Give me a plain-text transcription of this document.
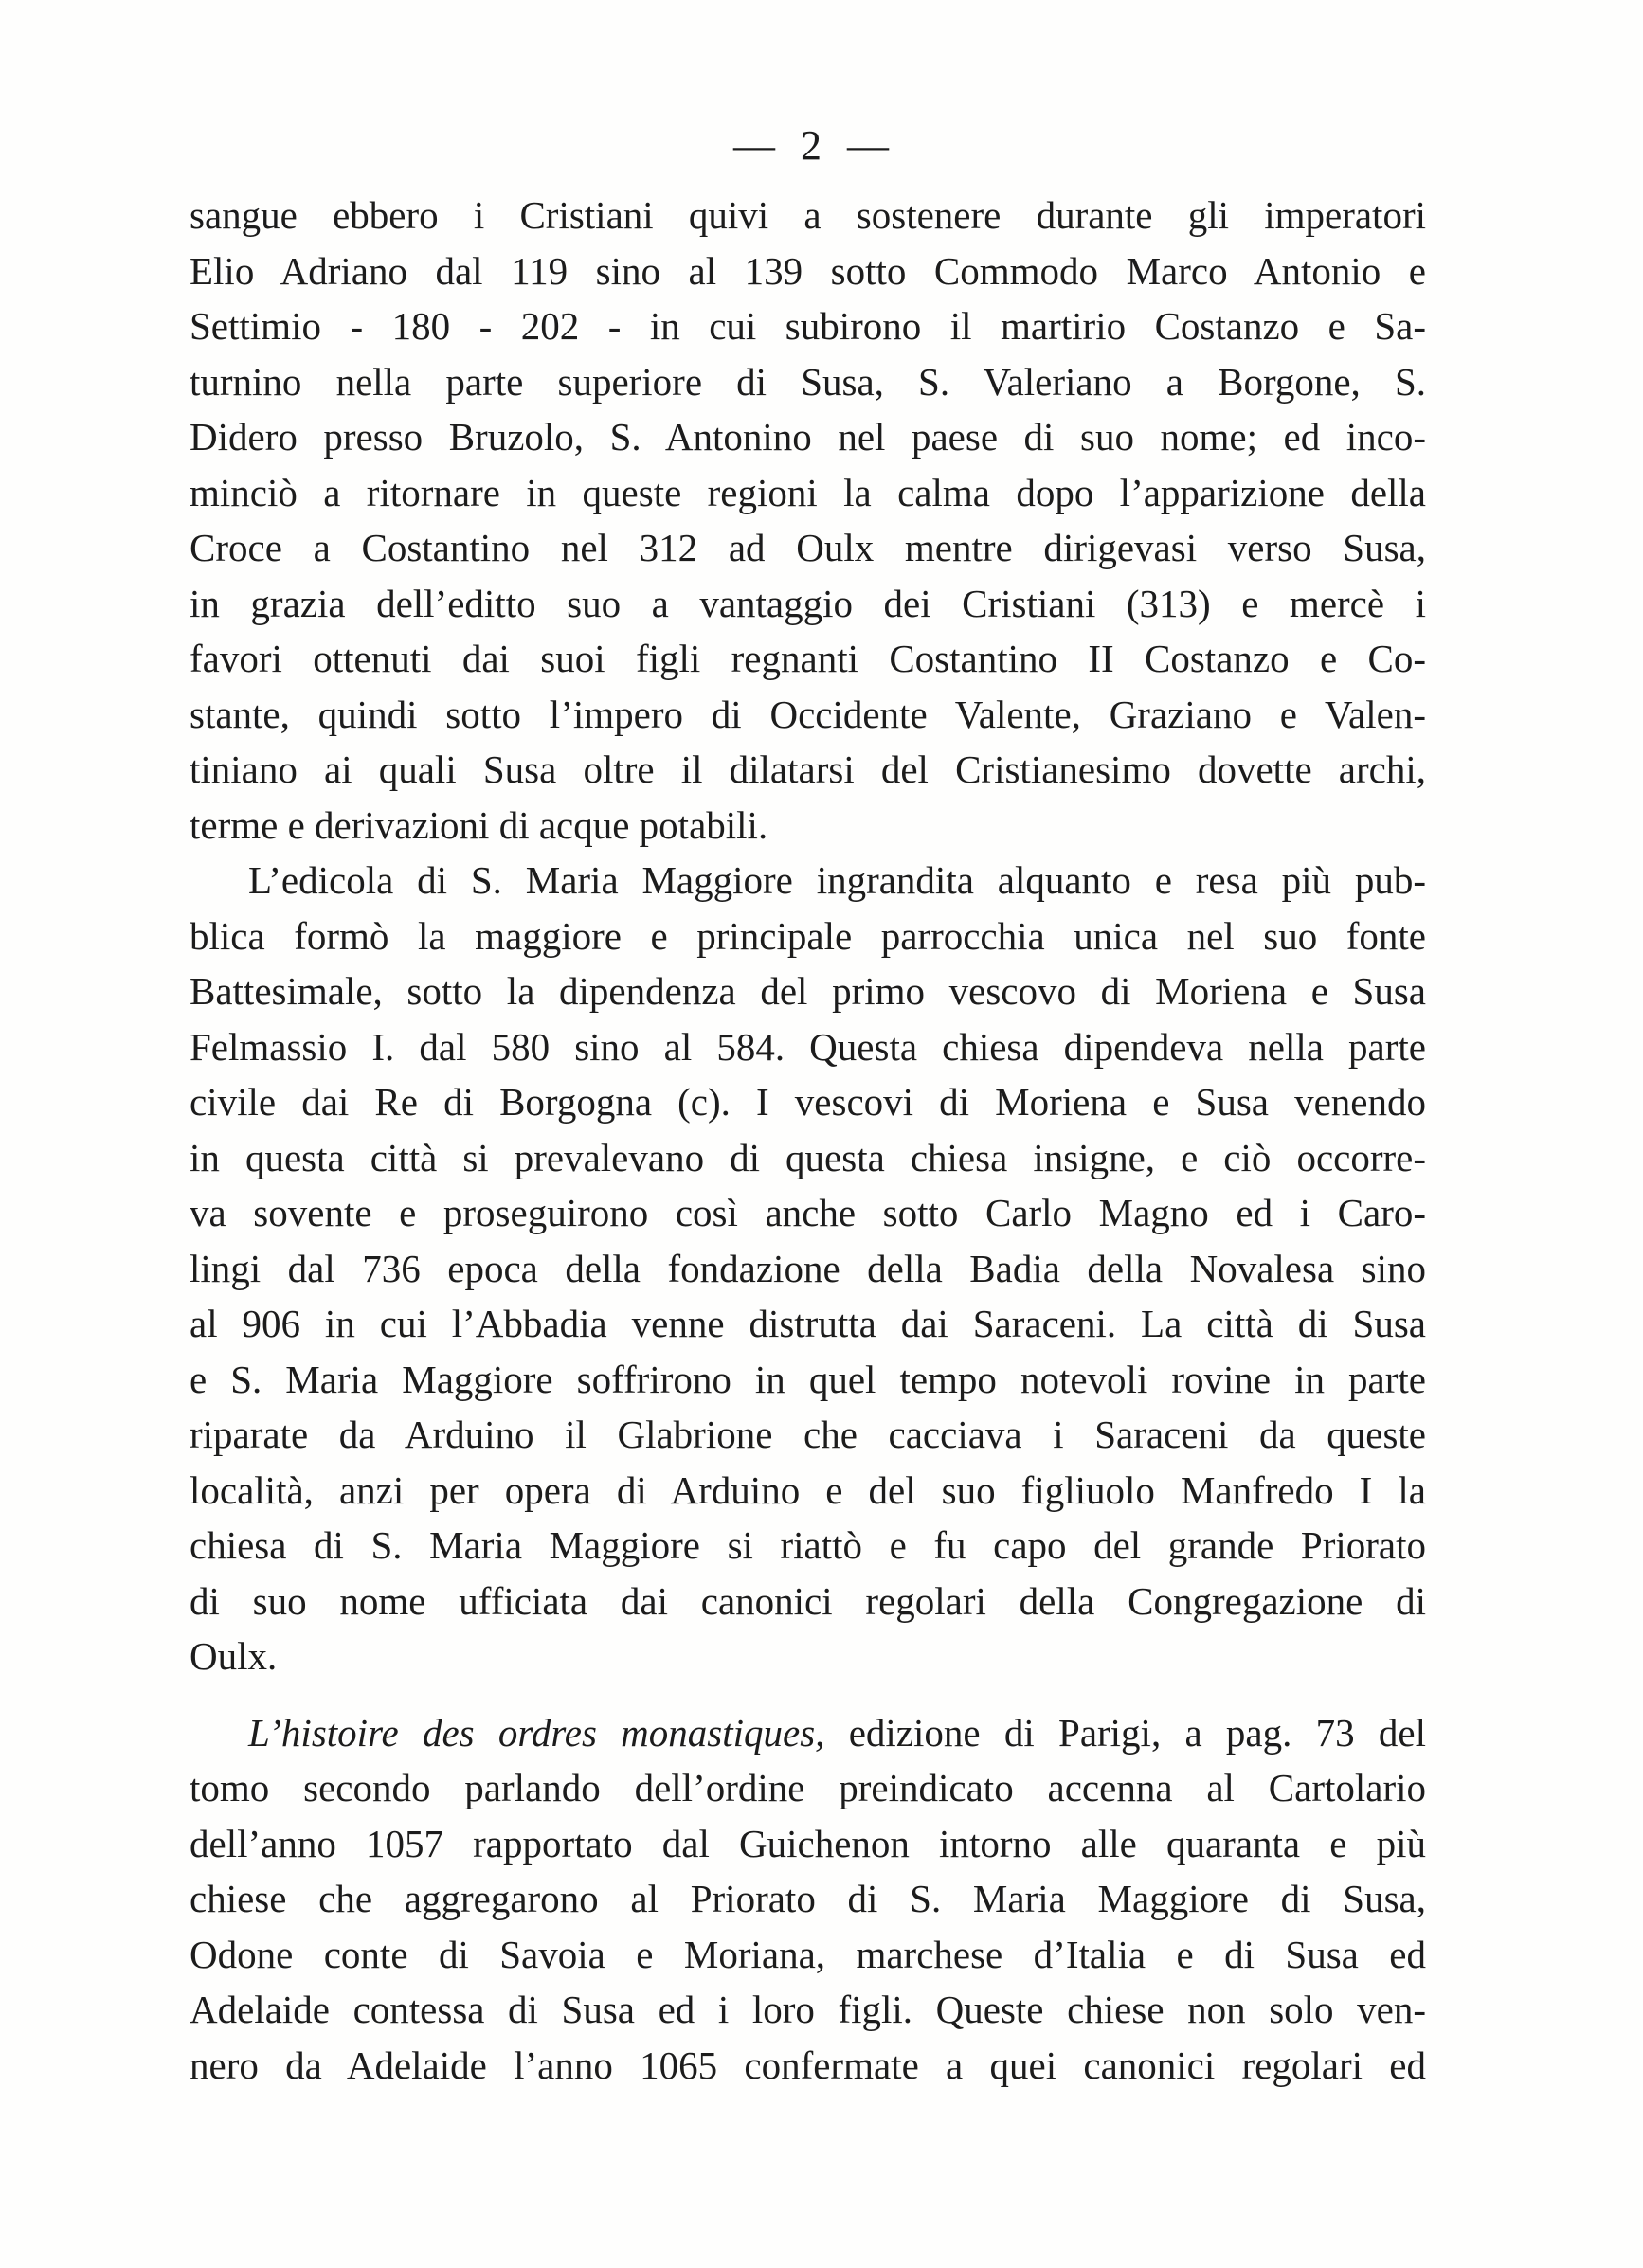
— 2 —
sangue ebbero i Cristiani quivi a sostenere durante gli imperatori
Elio Adriano dal 119 sino al 139 sotto Commodo Marco Antonio e
Settimio - 180 - 202 - in cui subirono il martirio Costanzo e Sa-
turnino nella parte superiore di Susa, S. Valeriano a Borgone, S.
Didero presso Bruzolo, S. Antonino nel paese di suo nome; ed inco-
minciò a ritornare in queste regioni la calma dopo l’apparizione della
Croce a Costantino nel 312 ad Oulx mentre dirigevasi verso Susa,
in grazia dell’editto suo a vantaggio dei Cristiani (313) e mercè i
favori ottenuti dai suoi figli regnanti Costantino II Costanzo e Co-
stante, quindi sotto l’impero di Occidente Valente, Graziano e Valen-
tiniano ai quali Susa oltre il dilatarsi del Cristianesimo dovette archi,
terme e derivazioni di acque potabili.
L’edicola di S. Maria Maggiore ingrandita alquanto e resa più pub-
blica formò la maggiore e principale parrocchia unica nel suo fonte
Battesimale, sotto la dipendenza del primo vescovo di Moriena e Susa
Felmassio I. dal 580 sino al 584. Questa chiesa dipendeva nella parte
civile dai Re di Borgogna (c). I vescovi di Moriena e Susa venendo
in questa città si prevalevano di questa chiesa insigne, e ciò occorre-
va sovente e proseguirono così anche sotto Carlo Magno ed i Caro-
lingi dal 736 epoca della fondazione della Badia della Novalesa sino
al 906 in cui l’Abbadia venne distrutta dai Saraceni. La città di Susa
e S. Maria Maggiore soffrirono in quel tempo notevoli rovine in parte
riparate da Arduino il Glabrione che cacciava i Saraceni da queste
località, anzi per opera di Arduino e del suo figliuolo Manfredo I la
chiesa di S. Maria Maggiore si riattò e fu capo del grande Priorato
di suo nome ufficiata dai canonici regolari della Congregazione di
Oulx.
L’histoire des ordres monastiques, edizione di Parigi, a pag. 73 del
tomo secondo parlando dell’ordine preindicato accenna al Cartolario
dell’anno 1057 rapportato dal Guichenon intorno alle quaranta e più
chiese che aggregarono al Priorato di S. Maria Maggiore di Susa,
Odone conte di Savoia e Moriana, marchese d’Italia e di Susa ed
Adelaide contessa di Susa ed i loro figli. Queste chiese non solo ven-
nero da Adelaide l’anno 1065 confermate a quei canonici regolari ed
